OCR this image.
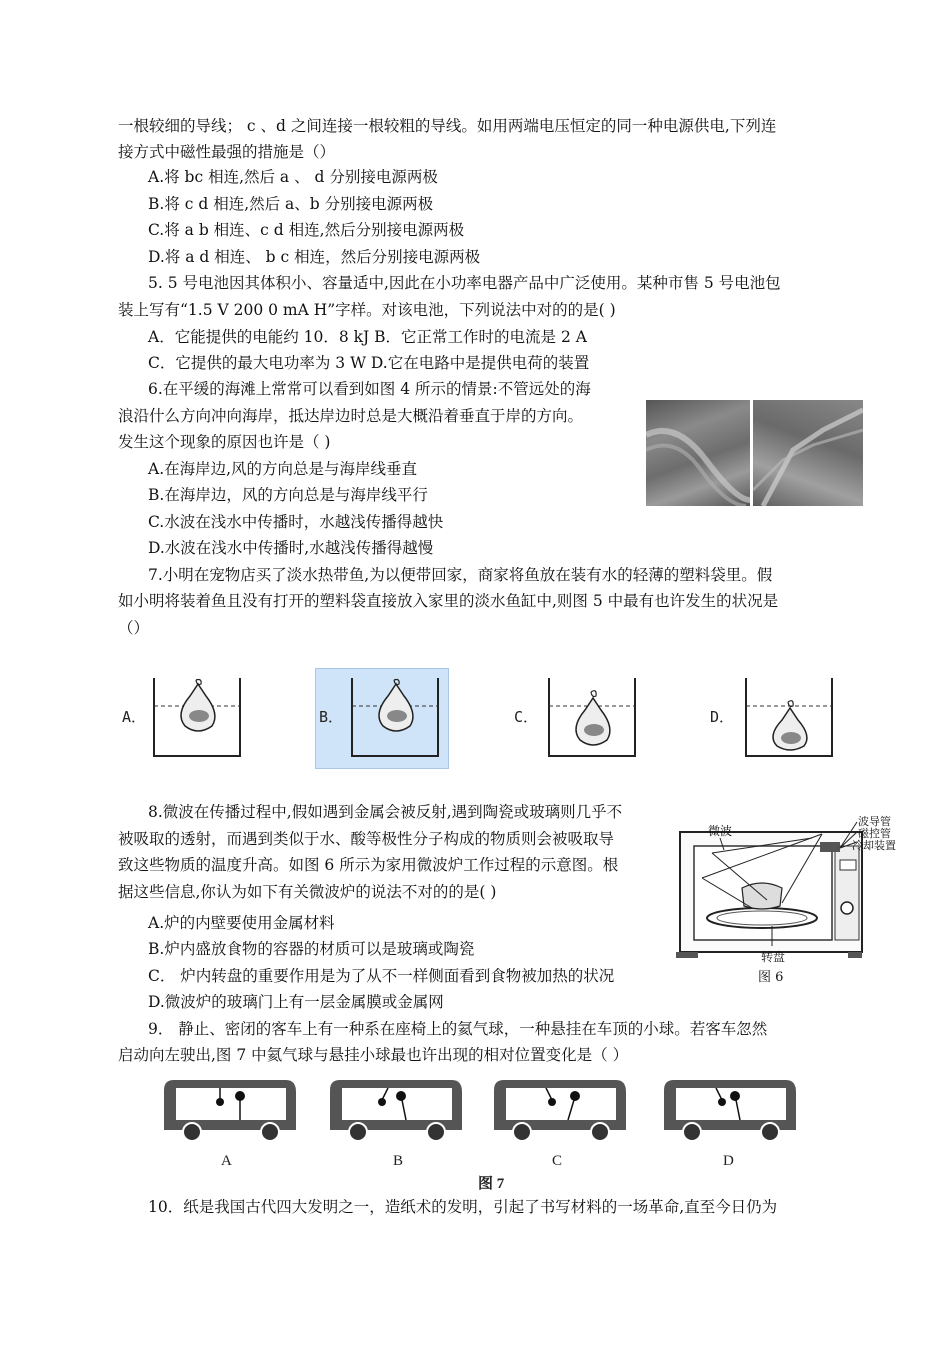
一根较细的导线； c 、d 之间连接一根较粗的导线。如用两端电压恒定的同一种电源供电,下列连
接方式中磁性最强的措施是（）
A.将 bc 相连,然后 a 、 d 分别接电源两极
B.将 c d 相连,然后 a、b 分别接电源两极
C.将 a b 相连、c d 相连,然后分别接电源两极
D.将 a d 相连、 b c 相连，然后分别接电源两极
5. 5 号电池因其体积小、容量适中,因此在小功率电器产品中广泛使用。某种市售 5 号电池包
装上写有“1.5 V 200 0 mA H”字样。对该电池，下列说法中对的的是( )
A．它能提供的电能约 10．8 kJ B．它正常工作时的电流是 2 A
C．它提供的最大电功率为 3 W D.它在电路中是提供电荷的装置
6.在平缓的海滩上常常可以看到如图 4 所示的情景:不管远处的海
浪沿什么方向冲向海岸，抵达岸边时总是大概沿着垂直于岸的方向。
发生这个现象的原因也许是（ )
A.在海岸边,风的方向总是与海岸线垂直
B.在海岸边，风的方向总是与海岸线平行
C.水波在浅水中传播时，水越浅传播得越快
D.水波在浅水中传播时,水越浅传播得越慢
7.小明在宠物店买了淡水热带鱼,为以便带回家，商家将鱼放在装有水的轻薄的塑料袋里。假
如小明将装着鱼且没有打开的塑料袋直接放入家里的淡水鱼缸中,则图 5 中最有也许发生的状况是
（）
8.微波在传播过程中,假如遇到金属会被反射,遇到陶瓷或玻璃则几乎不
被吸取的透射，而遇到类似于水、酸等极性分子构成的物质则会被吸取导
致这些物质的温度升高。如图 6 所示为家用微波炉工作过程的示意图。根
据这些信息,你认为如下有关微波炉的说法不对的的是( )
A.炉的内壁要使用金属材料
B.炉内盛放食物的容器的材质可以是玻璃或陶瓷
C． 炉内转盘的重要作用是为了从不一样侧面看到食物被加热的状况
D.微波炉的玻璃门上有一层金属膜或金属网
9． 静止、密闭的客车上有一种系在座椅上的氦气球，一种悬挂在车顶的小球。若客车忽然
启动向左驶出,图 7 中氦气球与悬挂小球最也许出现的相对位置变化是（ ）
10．纸是我国古代四大发明之一，造纸术的发明，引起了书写材料的一场革命,直至今日仍为
A．	B．	C．	D．
微波
波导管
磁控管
冷却装置
转盘
图 6
A	B	C	D
图 7
